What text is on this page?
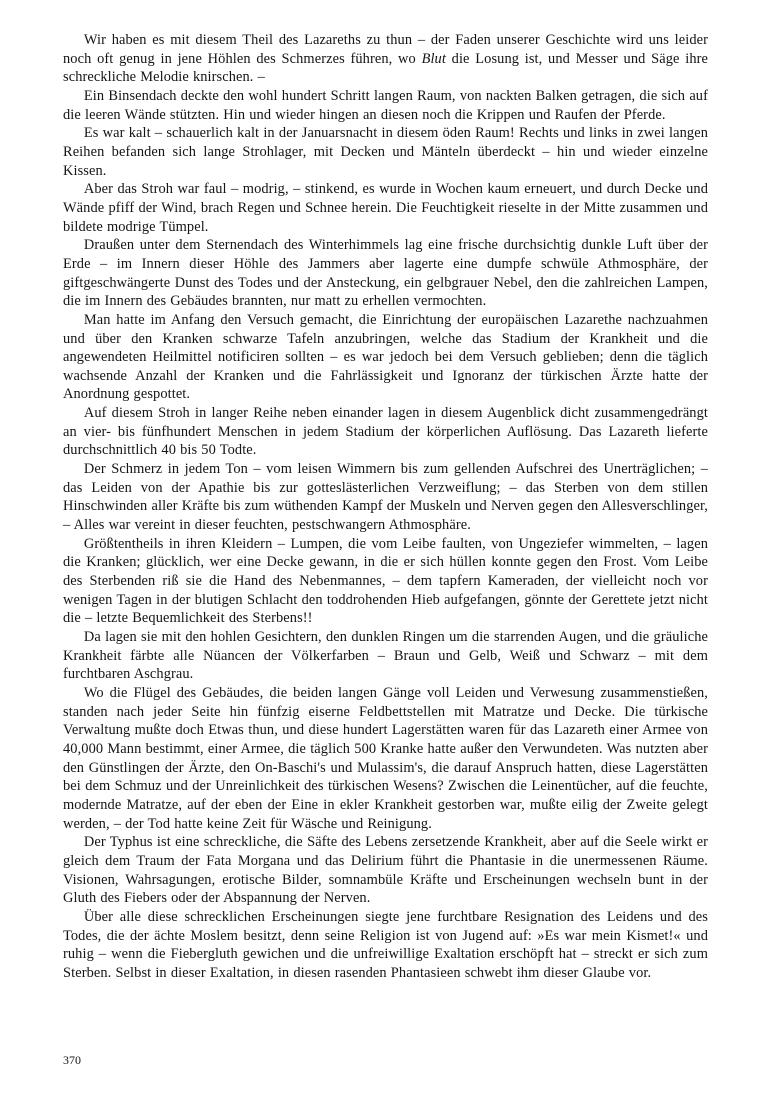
Wir haben es mit diesem Theil des Lazareths zu thun – der Faden unserer Geschichte wird uns leider noch oft genug in jene Höhlen des Schmerzes führen, wo Blut die Losung ist, und Messer und Säge ihre schreckliche Melodie knirschen. –

Ein Binsendach deckte den wohl hundert Schritt langen Raum, von nackten Balken getragen, die sich auf die leeren Wände stützten. Hin und wieder hingen an diesen noch die Krippen und Raufen der Pferde.

Es war kalt – schauerlich kalt in der Januarsnacht in diesem öden Raum! Rechts und links in zwei langen Reihen befanden sich lange Strohlager, mit Decken und Mänteln überdeckt – hin und wieder einzelne Kissen.

Aber das Stroh war faul – modrig, – stinkend, es wurde in Wochen kaum erneuert, und durch Decke und Wände pfiff der Wind, brach Regen und Schnee herein. Die Feuchtigkeit rieselte in der Mitte zusammen und bildete modrige Tümpel.

Draußen unter dem Sternendach des Winterhimmels lag eine frische durchsichtig dunkle Luft über der Erde – im Innern dieser Höhle des Jammers aber lagerte eine dumpfe schwüle Athmosphäre, der giftgeschwängerte Dunst des Todes und der Ansteckung, ein gelbgrauer Nebel, den die zahlreichen Lampen, die im Innern des Gebäudes brannten, nur matt zu erhellen vermochten.

Man hatte im Anfang den Versuch gemacht, die Einrichtung der europäischen Lazarethe nachzuahmen und über den Kranken schwarze Tafeln anzubringen, welche das Stadium der Krankheit und die angewendeten Heilmittel notificiren sollten – es war jedoch bei dem Versuch geblieben; denn die täglich wachsende Anzahl der Kranken und die Fahrlässigkeit und Ignoranz der türkischen Ärzte hatte der Anordnung gespottet.

Auf diesem Stroh in langer Reihe neben einander lagen in diesem Augenblick dicht zusammengedrängt an vier- bis fünfhundert Menschen in jedem Stadium der körperlichen Auflösung. Das Lazareth lieferte durchschnittlich 40 bis 50 Todte.

Der Schmerz in jedem Ton – vom leisen Wimmern bis zum gellenden Aufschrei des Unerträglichen; – das Leiden von der Apathie bis zur gotteslästerlichen Verzweiflung; – das Sterben von dem stillen Hinschwinden aller Kräfte bis zum wüthenden Kampf der Muskeln und Nerven gegen den Allesverschlinger, – Alles war vereint in dieser feuchten, pestschwangern Athmosphäre.

Größtentheils in ihren Kleidern – Lumpen, die vom Leibe faulten, von Ungeziefer wimmelten, – lagen die Kranken; glücklich, wer eine Decke gewann, in die er sich hüllen konnte gegen den Frost. Vom Leibe des Sterbenden riß sie die Hand des Nebenmannes, – dem tapfern Kameraden, der vielleicht noch vor wenigen Tagen in der blutigen Schlacht den toddrohenden Hieb aufgefangen, gönnte der Gerettete jetzt nicht die – letzte Bequemlichkeit des Sterbens!!

Da lagen sie mit den hohlen Gesichtern, den dunklen Ringen um die starrenden Augen, und die gräuliche Krankheit färbte alle Nüancen der Völkerfarben – Braun und Gelb, Weiß und Schwarz – mit dem furchtbaren Aschgrau.

Wo die Flügel des Gebäudes, die beiden langen Gänge voll Leiden und Verwesung zusammenstießen, standen nach jeder Seite hin fünfzig eiserne Feldbettstellen mit Matratze und Decke. Die türkische Verwaltung mußte doch Etwas thun, und diese hundert Lagerstätten waren für das Lazareth einer Armee von 40,000 Mann bestimmt, einer Armee, die täglich 500 Kranke hatte außer den Verwundeten. Was nutzten aber den Günstlingen der Ärzte, den On-Baschi's und Mulassim's, die darauf Anspruch hatten, diese Lagerstätten bei dem Schmuz und der Unreinlichkeit des türkischen Wesens? Zwischen die Leinentücher, auf die feuchte, modernde Matratze, auf der eben der Eine in ekler Krankheit gestorben war, mußte eilig der Zweite gelegt werden, – der Tod hatte keine Zeit für Wäsche und Reinigung.

Der Typhus ist eine schreckliche, die Säfte des Lebens zersetzende Krankheit, aber auf die Seele wirkt er gleich dem Traum der Fata Morgana und das Delirium führt die Phantasie in die unermessenen Räume. Visionen, Wahrsagungen, erotische Bilder, somnambüle Kräfte und Erscheinungen wechseln bunt in der Gluth des Fiebers oder der Abspannung der Nerven.

Über alle diese schrecklichen Erscheinungen siegte jene furchtbare Resignation des Leidens und des Todes, die der ächte Moslem besitzt, denn seine Religion ist von Jugend auf: »Es war mein Kismet!« und ruhig – wenn die Fiebergluth gewichen und die unfreiwillige Exaltation erschöpft hat – streckt er sich zum Sterben. Selbst in dieser Exaltation, in diesen rasenden Phantasieen schwebt ihm dieser Glaube vor.

370
